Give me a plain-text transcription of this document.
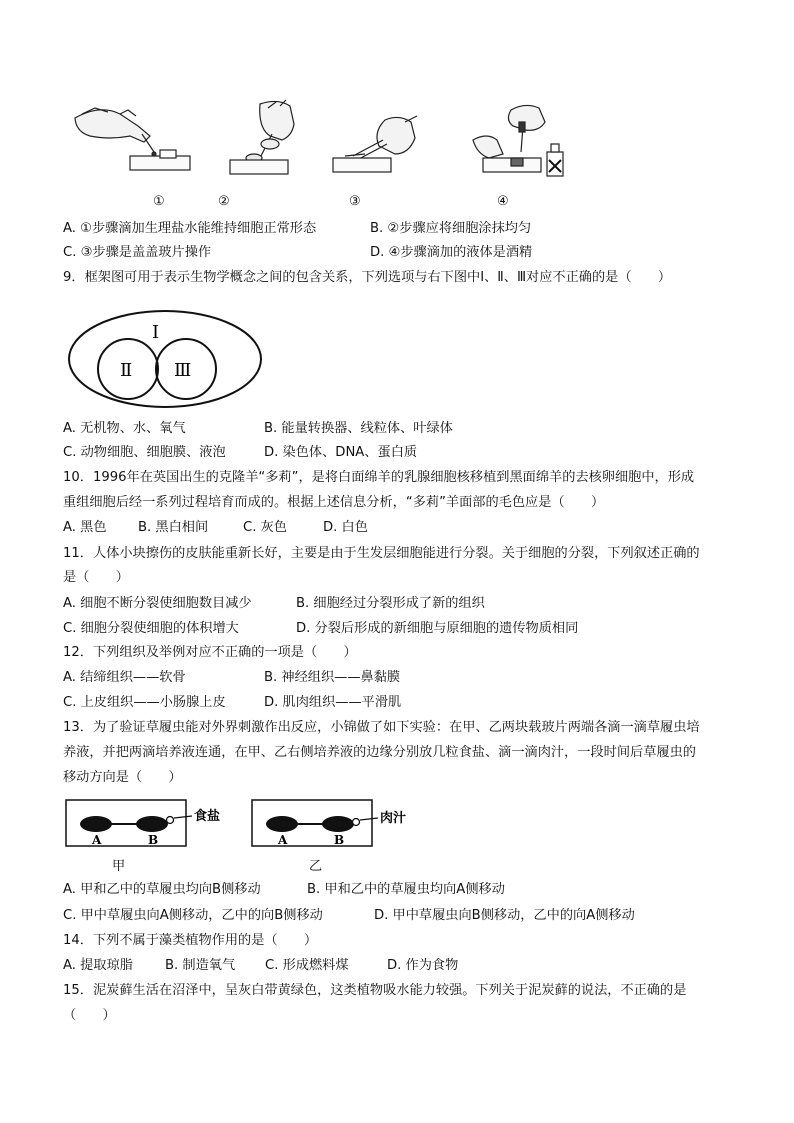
①	②	③	④
A. ①步骤滴加生理盐水能维持细胞正常形态	B. ②步骤应将细胞涂抹均匀
C. ③步骤是盖盖玻片操作	D. ④步骤滴加的液体是酒精
9．框架图可用于表示生物学概念之间的包含关系，下列选项与右下图中Ⅰ、Ⅱ、Ⅲ对应不正确的是（　　）
Ⅰ
Ⅱ Ⅲ
A. 无机物、水、氧气	B. 能量转换器、线粒体、叶绿体
C. 动物细胞、细胞膜、液泡	D. 染色体、DNA、蛋白质
10．1996年在英国出生的克隆羊“多莉”，是将白面绵羊的乳腺细胞核移植到黑面绵羊的去核卵细胞中，形成
重组细胞后经一系列过程培育而成的。根据上述信息分析，“多莉”羊面部的毛色应是（　　）
A. 黑色 B. 黑白相间	C. 灰色	D. 白色
11．人体小块擦伤的皮肤能重新长好，主要是由于生发层细胞能进行分裂。关于细胞的分裂，下列叙述正确的
是（　　）
A. 细胞不断分裂使细胞数目减少	B. 细胞经过分裂形成了新的组织
C. 细胞分裂使细胞的体积增大	D. 分裂后形成的新细胞与原细胞的遗传物质相同
12．下列组织及举例对应不正确的一项是（　　）
A. 结缔组织——软骨	B. 神经组织——鼻黏膜
C. 上皮组织——小肠腺上皮	D. 肌肉组织——平滑肌
13．为了验证草履虫能对外界刺激作出反应，小锦做了如下实验：在甲、乙两块载玻片两端各滴一滴草履虫培
养液，并把两滴培养液连通，在甲、乙右侧培养液的边缘分别放几粒食盐、滴一滴肉汁，一段时间后草履虫的
移动方向是（　　）
A	B
食盐
甲
A	B
肉汁
乙
A. 甲和乙中的草履虫均向B侧移动	B. 甲和乙中的草履虫均向A侧移动
C. 甲中草履虫向A侧移动，乙中的向B侧移动	D. 甲中草履虫向B侧移动，乙中的向A侧移动
14．下列不属于藻类植物作用的是（　　）
A. 提取琼脂 B. 制造氧气 C. 形成燃料煤	D. 作为食物
15．泥炭藓生活在沼泽中，呈灰白带黄绿色，这类植物吸水能力较强。下列关于泥炭藓的说法，不正确的是
（　　）
